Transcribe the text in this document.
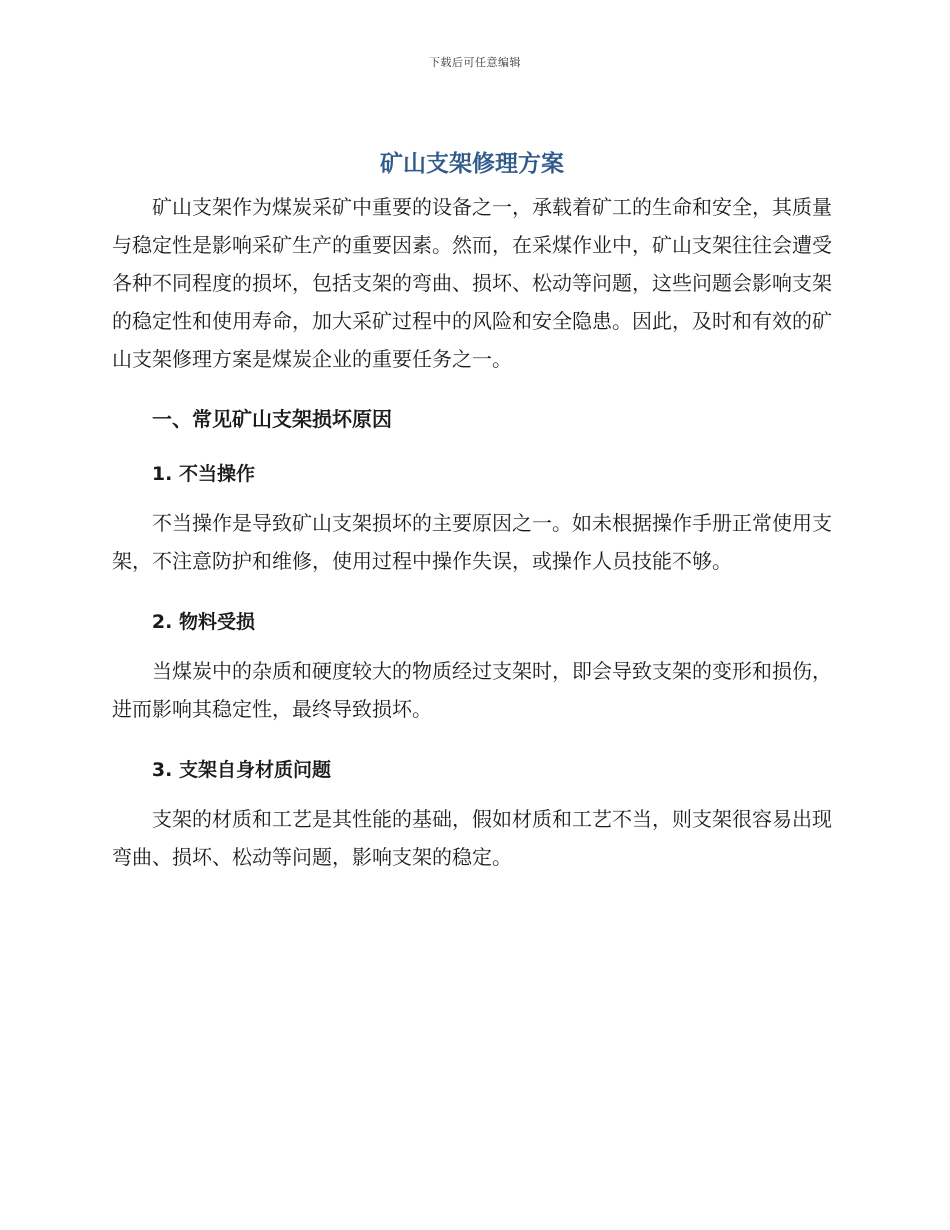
下载后可任意编辑
矿山支架修理方案

矿山支架作为煤炭采矿中重要的设备之一，承载着矿工的生命和安全，其质量与稳定性是影响采矿生产的重要因素。然而，在采煤作业中，矿山支架往往会遭受各种不同程度的损坏，包括支架的弯曲、损坏、松动等问题，这些问题会影响支架的稳定性和使用寿命，加大采矿过程中的风险和安全隐患。因此，及时和有效的矿山支架修理方案是煤炭企业的重要任务之一。

一、常见矿山支架损坏原因
1. 不当操作

不当操作是导致矿山支架损坏的主要原因之一。如未根据操作手册正常使用支架，不注意防护和维修，使用过程中操作失误，或操作人员技能不够。

2. 物料受损

当煤炭中的杂质和硬度较大的物质经过支架时，即会导致支架的变形和损伤，进而影响其稳定性，最终导致损坏。

3. 支架自身材质问题

支架的材质和工艺是其性能的基础，假如材质和工艺不当，则支架很容易出现弯曲、损坏、松动等问题，影响支架的稳定。
